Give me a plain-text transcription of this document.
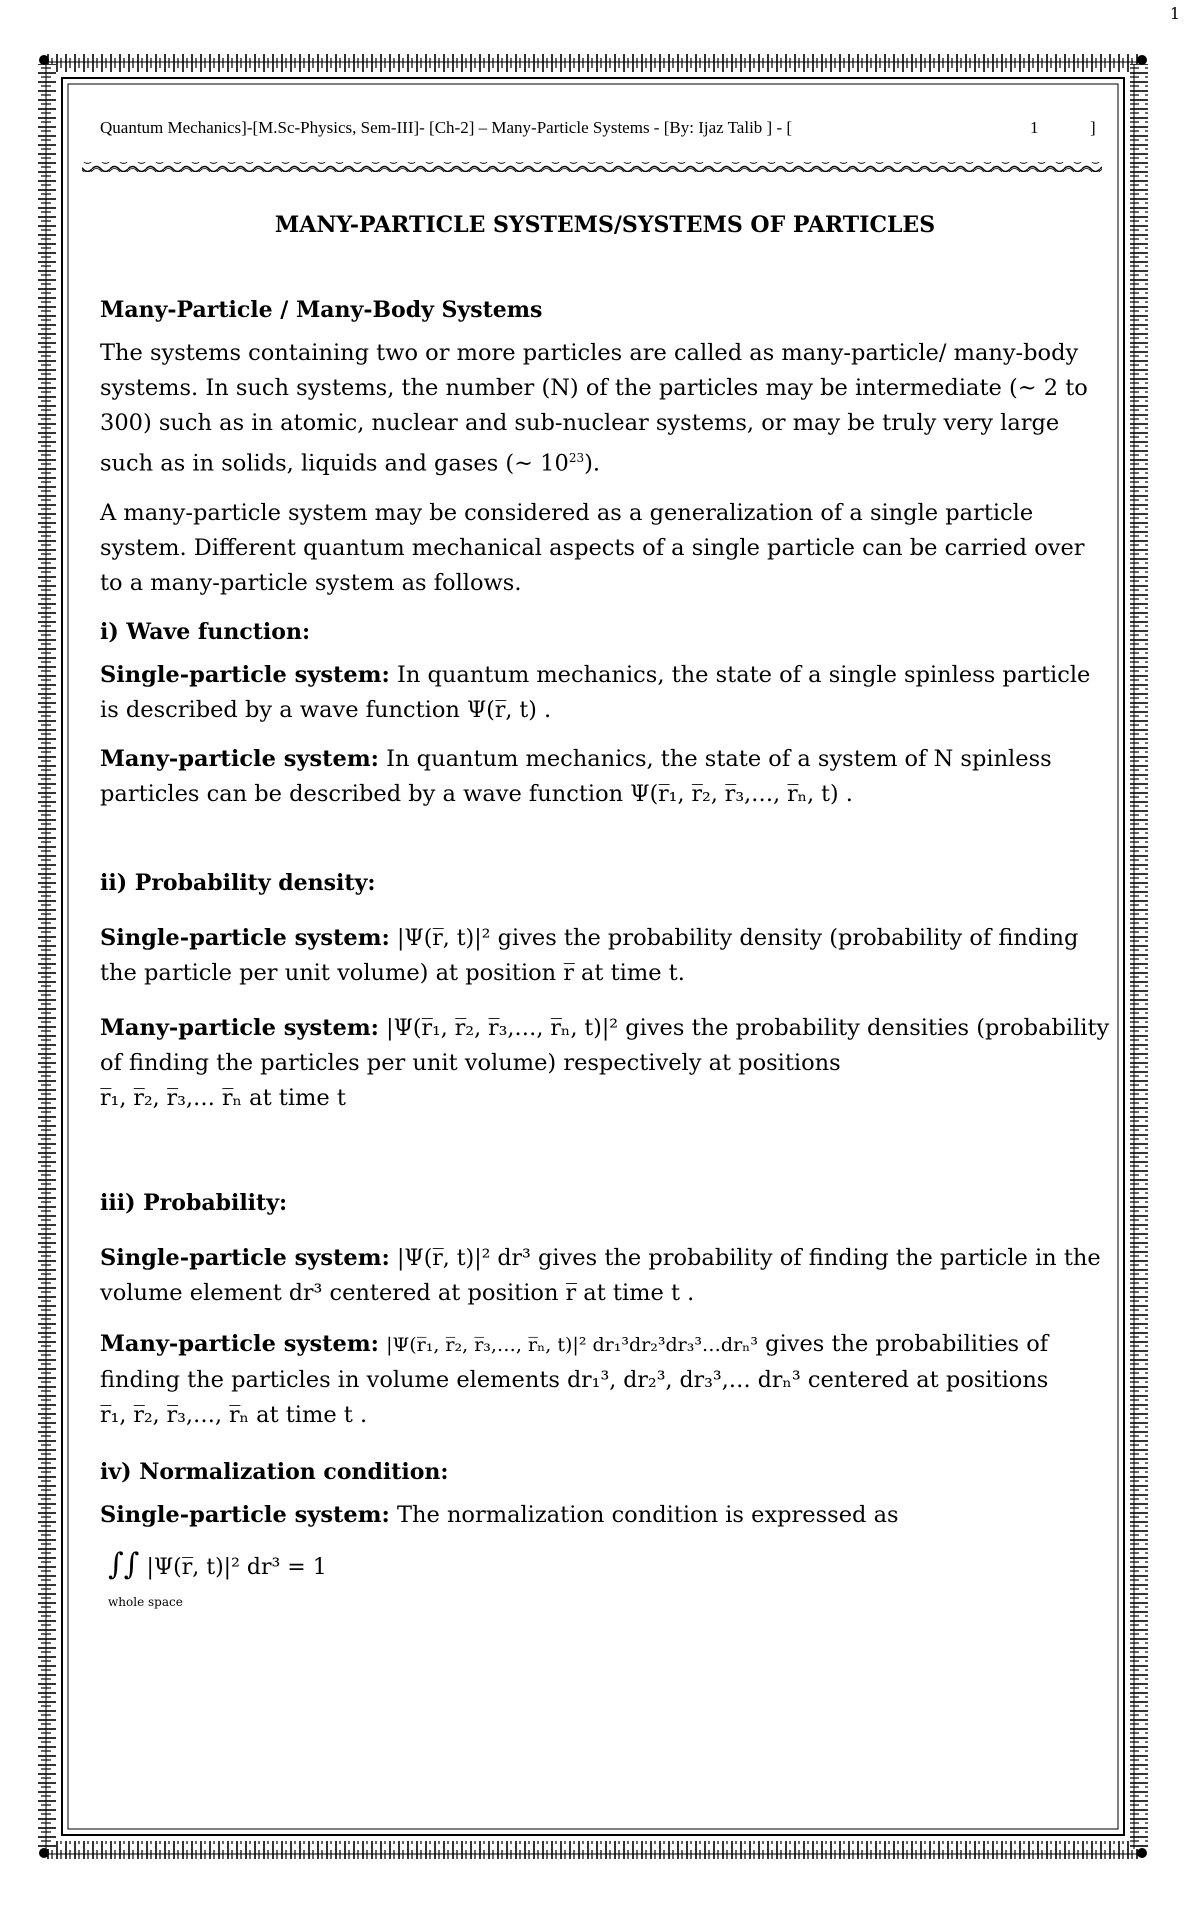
1
Quantum Mechanics]-[M.Sc-Physics, Sem-III]- [Ch-2] – Many-Particle Systems - [By: Ijaz Talib ] - [	1	]
MANY-PARTICLE SYSTEMS/SYSTEMS OF PARTICLES
Many-Particle / Many-Body Systems

The systems containing two or more particles are called as many-particle/ many-body systems. In such systems, the number (N) of the particles may be intermediate (~ 2 to 300) such as in atomic, nuclear and sub-nuclear systems, or may be truly very large such as in solids, liquids and gases (~ $10^{23}$).

A many-particle system may be considered as a generalization of a single particle system. Different quantum mechanical aspects of a single particle can be carried over to a many-particle system as follows.

i) Wave function:

Single-particle system: In quantum mechanics, the state of a single spinless particle is described by a wave function Ψ(r̅, t) .

Many-particle system: In quantum mechanics, the state of a system of N spinless particles can be described by a wave function Ψ(r̅₁, r̅₂, r̅₃,…, r̅ₙ, t) .

ii) Probability density:

Single-particle system: |Ψ(r̅, t)|² gives the probability density (probability of finding the particle per unit volume) at position r̅ at time t.

Many-particle system: |Ψ(r̅₁, r̅₂, r̅₃,…, r̅ₙ, t)|² gives the probability densities (probability of finding the particles per unit volume) respectively at positions
r̅₁, r̅₂, r̅₃,… r̅ₙ at time t

iii) Probability:

Single-particle system: |Ψ(r̅, t)|² dr³ gives the probability of finding the particle in the volume element dr³ centered at position r̅ at time t .

Many-particle system: |Ψ(r̅₁, r̅₂, r̅₃,…, r̅ₙ, t)|² dr₁³dr₂³dr₃³…drₙ³ gives the probabilities of finding the particles in volume elements dr₁³, dr₂³, dr₃³,… drₙ³ centered at positions
r̅₁, r̅₂, r̅₃,…, r̅ₙ at time t .

iv) Normalization condition:

Single-particle system: The normalization condition is expressed as

∫∫ |Ψ(r̅, t)|² dr³ = 1
whole space
